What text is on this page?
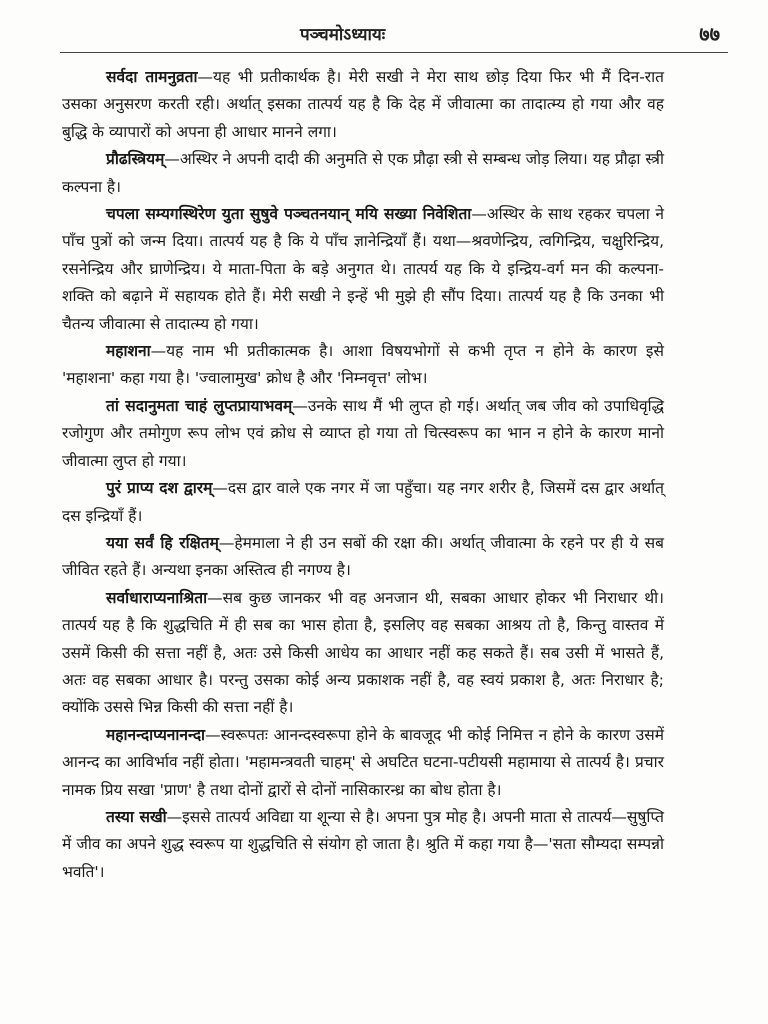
पञ्चमोऽध्यायः	७७

सर्वदा तामनुव्रता—यह भी प्रतीकार्थक है। मेरी सखी ने मेरा साथ छोड़ दिया फिर भी मैं दिन-रात उसका अनुसरण करती रही। अर्थात् इसका तात्पर्य यह है कि देह में जीवात्मा का तादात्म्य हो गया और वह बुद्धि के व्यापारों को अपना ही आधार मानने लगा।

प्रौढस्त्रियम्—अस्थिर ने अपनी दादी की अनुमति से एक प्रौढ़ा स्त्री से सम्बन्ध जोड़ लिया। यह प्रौढ़ा स्त्री कल्पना है।

चपला सम्यगस्थिरेण युता सुषुवे पञ्चतनयान् मयि सख्या निवेशिता—अस्थिर के साथ रहकर चपला ने पाँच पुत्रों को जन्म दिया। तात्पर्य यह है कि ये पाँच ज्ञानेन्द्रियाँ हैं। यथा—श्रवणेन्द्रिय, त्वगिन्द्रिय, चक्षुरिन्द्रिय, रसनेन्द्रिय और घ्राणेन्द्रिय। ये माता-पिता के बड़े अनुगत थे। तात्पर्य यह कि ये इन्द्रिय-वर्ग मन की कल्पना-शक्ति को बढ़ाने में सहायक होते हैं। मेरी सखी ने इन्हें भी मुझे ही सौंप दिया। तात्पर्य यह है कि उनका भी चैतन्य जीवात्मा से तादात्म्य हो गया।

महाशना—यह नाम भी प्रतीकात्मक है। आशा विषयभोगों से कभी तृप्त न होने के कारण इसे 'महाशना' कहा गया है। 'ज्वालामुख' क्रोध है और 'निम्नवृत्त' लोभ।

तां सदानुमता चाहं लुप्तप्रायाभवम्—उनके साथ मैं भी लुप्त हो गई। अर्थात् जब जीव को उपाधिवृद्धि रजोगुण और तमोगुण रूप लोभ एवं क्रोध से व्याप्त हो गया तो चित्स्वरूप का भान न होने के कारण मानो जीवात्मा लुप्त हो गया।

पुरं प्राप्य दश द्वारम्—दस द्वार वाले एक नगर में जा पहुँचा। यह नगर शरीर है, जिसमें दस द्वार अर्थात् दस इन्द्रियाँ हैं।

यया सर्वं हि रक्षितम्—हेममाला ने ही उन सबों की रक्षा की। अर्थात् जीवात्मा के रहने पर ही ये सब जीवित रहते हैं। अन्यथा इनका अस्तित्व ही नगण्य है।

सर्वाधाराप्यनाश्रिता—सब कुछ जानकर भी वह अनजान थी, सबका आधार होकर भी निराधार थी। तात्पर्य यह है कि शुद्धचिति में ही सब का भास होता है, इसलिए वह सबका आश्रय तो है, किन्तु वास्तव में उसमें किसी की सत्ता नहीं है, अतः उसे किसी आधेय का आधार नहीं कह सकते हैं। सब उसी में भासते हैं, अतः वह सबका आधार है। परन्तु उसका कोई अन्य प्रकाशक नहीं है, वह स्वयं प्रकाश है, अतः निराधार है; क्योंकि उससे भिन्न किसी की सत्ता नहीं है।

महानन्दाप्यनानन्दा—स्वरूपतः आनन्दस्वरूपा होने के बावजूद भी कोई निमित्त न होने के कारण उसमें आनन्द का आविर्भाव नहीं होता। 'महामन्त्रवती चाहम्' से अघटित घटना-पटीयसी महामाया से तात्पर्य है। प्रचार नामक प्रिय सखा 'प्राण' है तथा दोनों द्वारों से दोनों नासिकारन्ध्र का बोध होता है।

तस्या सखी—इससे तात्पर्य अविद्या या शून्या से है। अपना पुत्र मोह है। अपनी माता से तात्पर्य—सुषुप्ति में जीव का अपने शुद्ध स्वरूप या शुद्धचिति से संयोग हो जाता है। श्रुति में कहा गया है—'सता सौम्यदा सम्पन्नो भवति'।
